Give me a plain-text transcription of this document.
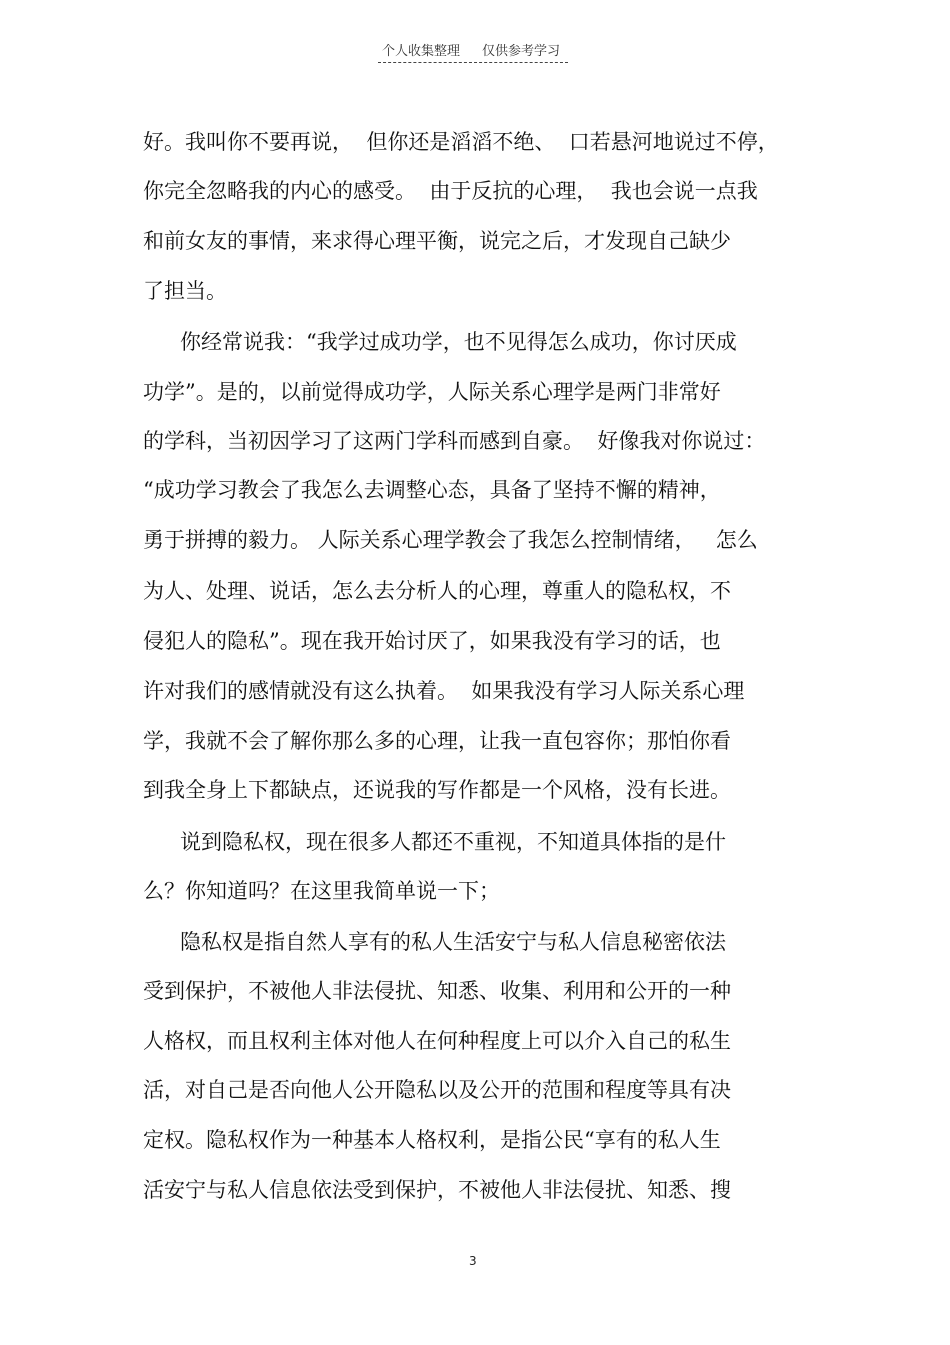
个人收集整理 仅供参考学习
好。我叫你不要再说，  但你还是滔滔不绝、  口若悬河地说过不停，
你完全忽略我的内心的感受。  由于反抗的心理，  我也会说一点我
和前女友的事情，来求得心理平衡，说完之后，才发现自己缺少
了担当。
你经常说我：“我学过成功学，也不见得怎么成功，你讨厌成
功学”。是的，以前觉得成功学，人际关系心理学是两门非常好
的学科，当初因学习了这两门学科而感到自豪。  好像我对你说过：
“成功学习教会了我怎么去调整心态，具备了坚持不懈的精神，
勇于拼搏的毅力。 人际关系心理学教会了我怎么控制情绪，   怎么
为人、处理、说话，怎么去分析人的心理，尊重人的隐私权，不
侵犯人的隐私”。现在我开始讨厌了，如果我没有学习的话，也
许对我们的感情就没有这么执着。  如果我没有学习人际关系心理
学，我就不会了解你那么多的心理，让我一直包容你；那怕你看
到我全身上下都缺点，还说我的写作都是一个风格，没有长进。
说到隐私权，现在很多人都还不重视，不知道具体指的是什
么？你知道吗？在这里我简单说一下；
隐私权是指自然人享有的私人生活安宁与私人信息秘密依法
受到保护，不被他人非法侵扰、知悉、收集、利用和公开的一种
人格权，而且权利主体对他人在何种程度上可以介入自己的私生
活，对自己是否向他人公开隐私以及公开的范围和程度等具有决
定权。隐私权作为一种基本人格权利，是指公民“享有的私人生
活安宁与私人信息依法受到保护，不被他人非法侵扰、知悉、搜
3
